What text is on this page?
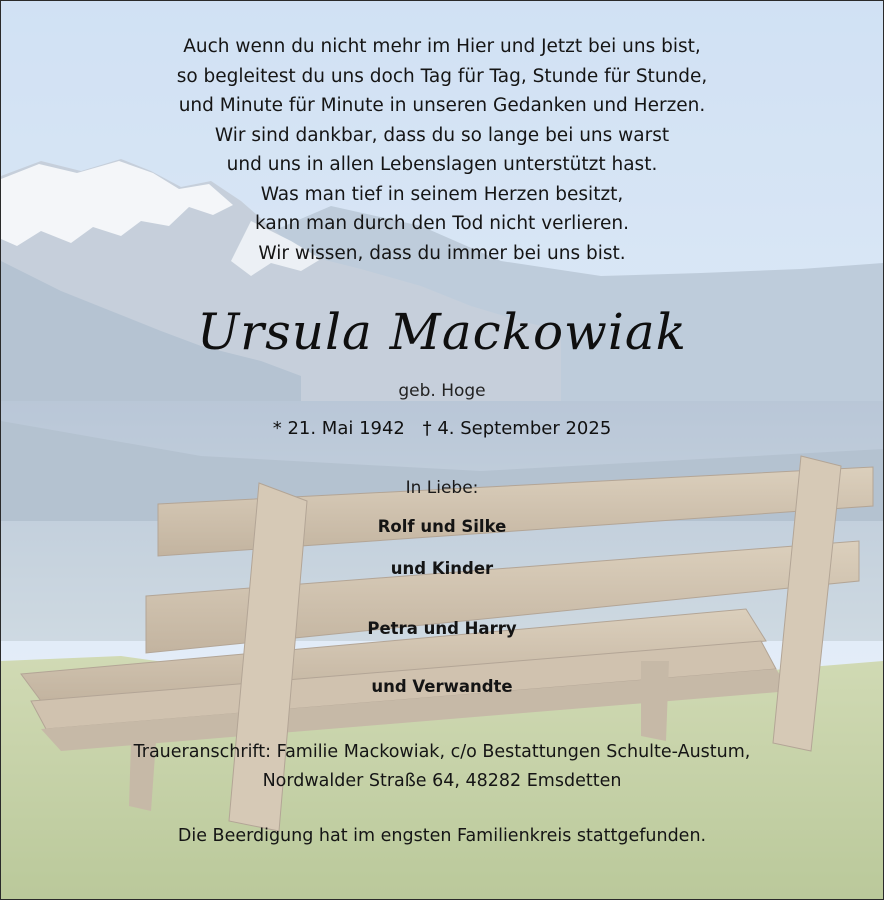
Auch wenn du nicht mehr im Hier und Jetzt bei uns bist,
so begleitest du uns doch Tag für Tag, Stunde für Stunde,
und Minute für Minute in unseren Gedanken und Herzen.
Wir sind dankbar, dass du so lange bei uns warst
und uns in allen Lebenslagen unterstützt hast.
Was man tief in seinem Herzen besitzt,
kann man durch den Tod nicht verlieren.
Wir wissen, dass du immer bei uns bist.
Ursula Mackowiak
geb. Hoge
* 21. Mai 1942 † 4. September 2025
In Liebe:
Rolf und Silke
und Kinder
Petra und Harry
und Verwandte
Traueranschrift: Familie Mackowiak, c/o Bestattungen Schulte-Austum,
Nordwalder Straße 64, 48282 Emsdetten
Die Beerdigung hat im engsten Familienkreis stattgefunden.
